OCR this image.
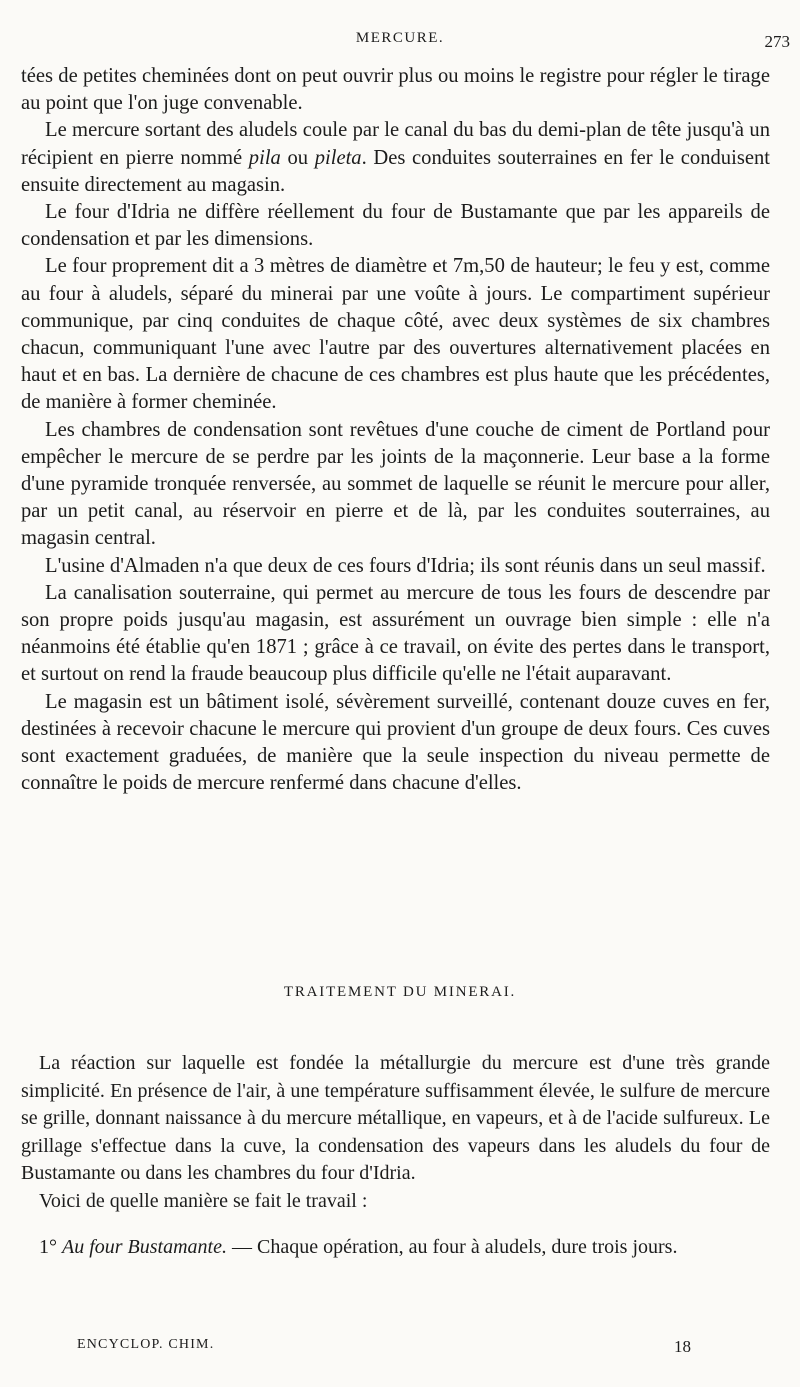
MERCURE.	273

tées de petites cheminées dont on peut ouvrir plus ou moins le registre pour régler le tirage au point que l'on juge convenable.

Le mercure sortant des aludels coule par le canal du bas du demi-plan de tête jusqu'à un récipient en pierre nommé pila ou pileta. Des conduites souterraines en fer le conduisent ensuite directement au magasin.

Le four d'Idria ne diffère réellement du four de Bustamante que par les appareils de condensation et par les dimensions.

Le four proprement dit a 3 mètres de diamètre et 7m,50 de hauteur; le feu y est, comme au four à aludels, séparé du minerai par une voûte à jours. Le compartiment supérieur communique, par cinq conduites de chaque côté, avec deux systèmes de six chambres chacun, communiquant l'une avec l'autre par des ouvertures alternativement placées en haut et en bas. La dernière de chacune de ces chambres est plus haute que les précédentes, de manière à former cheminée.

Les chambres de condensation sont revêtues d'une couche de ciment de Portland pour empêcher le mercure de se perdre par les joints de la maçonnerie. Leur base a la forme d'une pyramide tronquée renversée, au sommet de laquelle se réunit le mercure pour aller, par un petit canal, au réservoir en pierre et de là, par les conduites souterraines, au magasin central.

L'usine d'Almaden n'a que deux de ces fours d'Idria; ils sont réunis dans un seul massif.

La canalisation souterraine, qui permet au mercure de tous les fours de descendre par son propre poids jusqu'au magasin, est assurément un ouvrage bien simple : elle n'a néanmoins été établie qu'en 1871 ; grâce à ce travail, on évite des pertes dans le transport, et surtout on rend la fraude beaucoup plus difficile qu'elle ne l'était auparavant.

Le magasin est un bâtiment isolé, sévèrement surveillé, contenant douze cuves en fer, destinées à recevoir chacune le mercure qui provient d'un groupe de deux fours. Ces cuves sont exactement graduées, de manière que la seule inspection du niveau permette de connaître le poids de mercure renfermé dans chacune d'elles.

TRAITEMENT DU MINERAI.

La réaction sur laquelle est fondée la métallurgie du mercure est d'une très grande simplicité. En présence de l'air, à une température suffisamment élevée, le sulfure de mercure se grille, donnant naissance à du mercure métallique, en vapeurs, et à de l'acide sulfureux. Le grillage s'effectue dans la cuve, la condensation des vapeurs dans les aludels du four de Bustamante ou dans les chambres du four d'Idria.

Voici de quelle manière se fait le travail :

1° Au four Bustamante. — Chaque opération, au four à aludels, dure trois jours.

ENCYCLOP. CHIM.	18
